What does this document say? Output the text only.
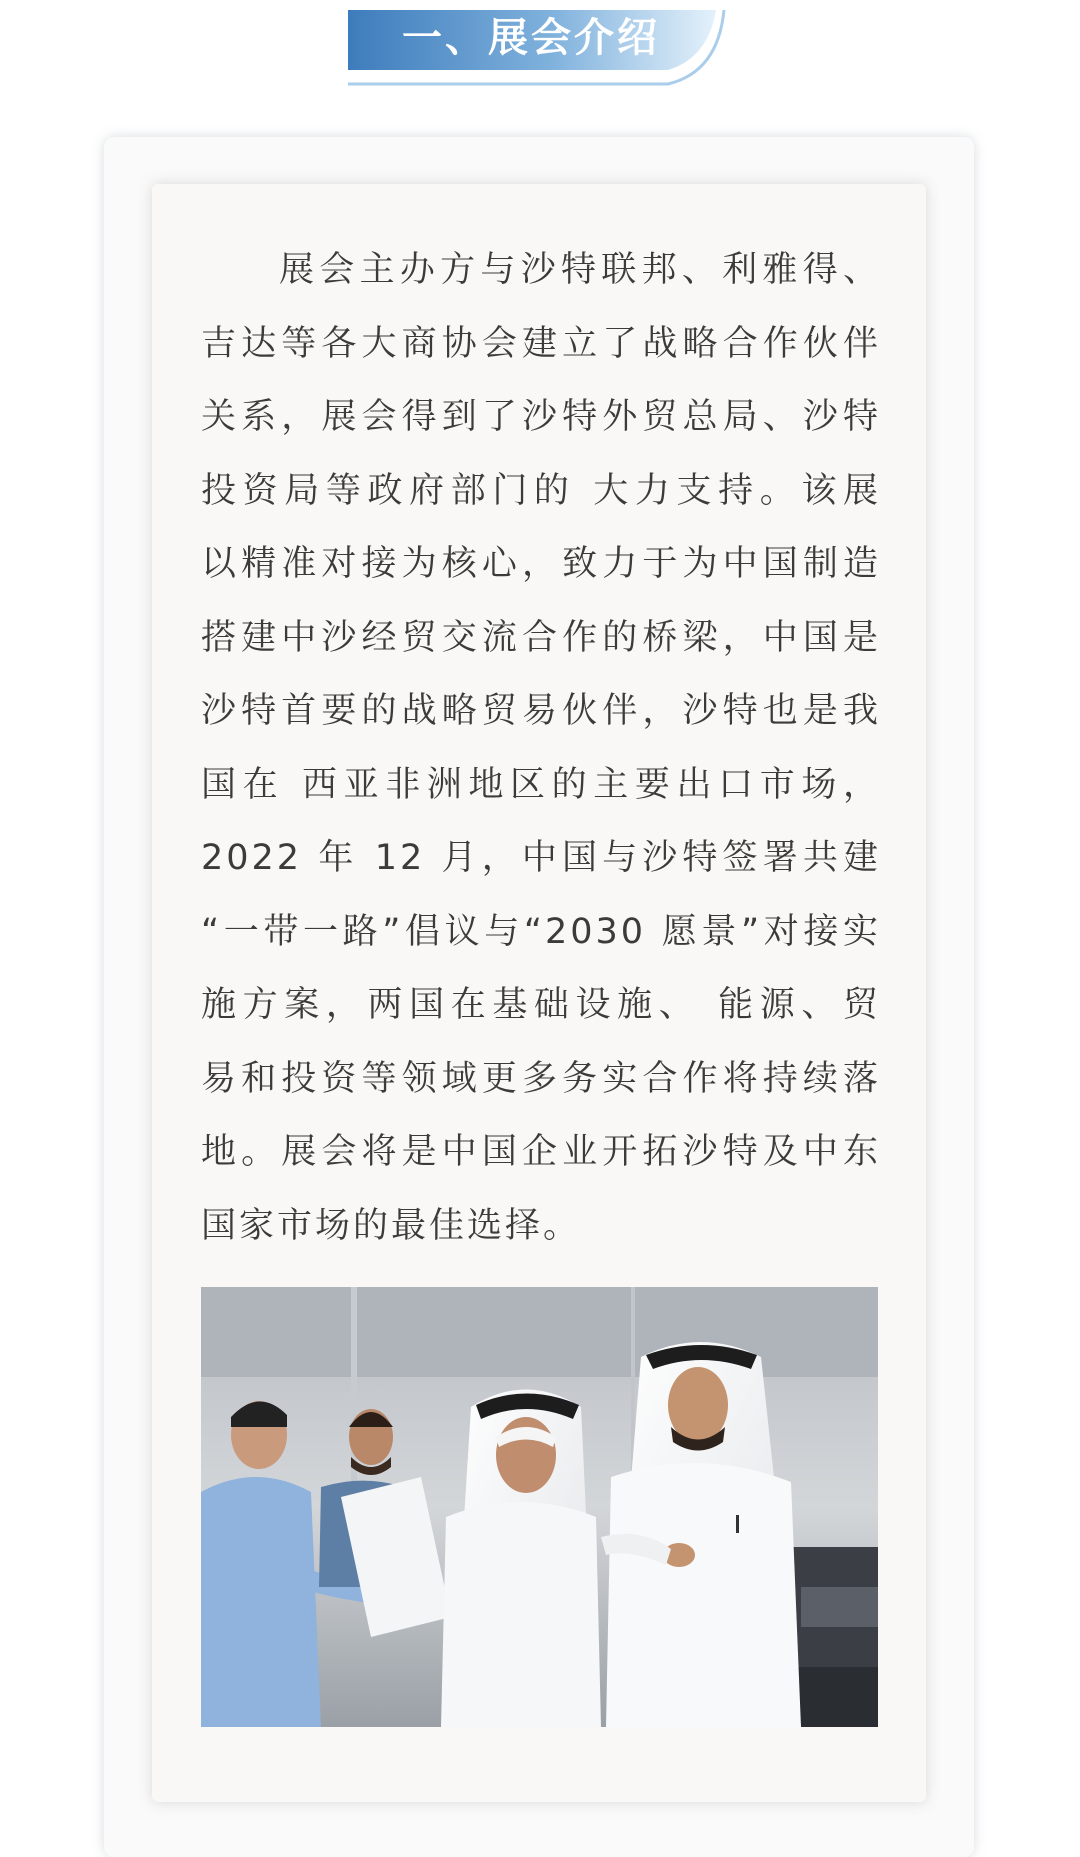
一、展会介绍

展会主办方与沙特联邦、利雅得、
吉达等各大商协会建立了战略合作伙伴
关系，展会得到了沙特外贸总局、沙特
投资局等政府部门的 大力支持。该展
以精准对接为核心，致力于为中国制造
搭建中沙经贸交流合作的桥梁，中国是
沙特首要的战略贸易伙伴，沙特也是我
国在 西亚非洲地区的主要出口市场，
2022 年 12 月，中国与沙特签署共建
“一带一路”倡议与“2030 愿景”对接实
施方案，两国在基础设施、 能源、贸
易和投资等领域更多务实合作将持续落
地。展会将是中国企业开拓沙特及中东
国家市场的最佳选择。
